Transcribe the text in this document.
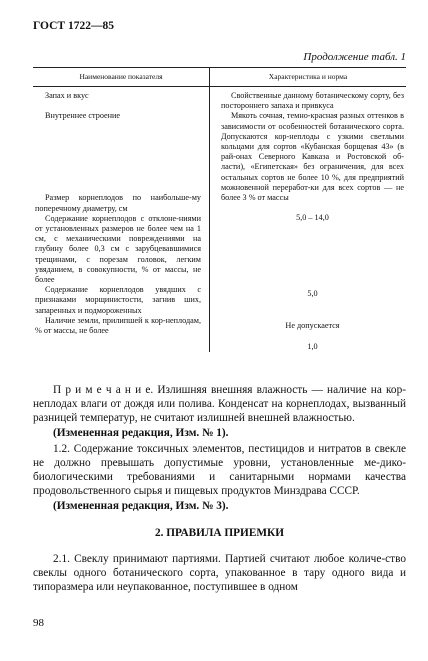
ГОСТ 1722—85
Продолжение табл. 1
Наименование показателя	Характеристика и норма

Запах и вкус

Внутреннее строение

Размер корнеплодов по наибольше-му поперечному диаметру, см

Содержание корнеплодов с отклоне-ниями от установленных размеров не более чем на 1 см, с механическими повреждениями на глубину более 0,3 см с зарубцевавшимися трещинами, с порезам головок, легким увяданием, в совокупности, % от массы, не более

Содержание корнеплодов увядших с признаками морщинистости, загнив ших, запаренных и подмороженных

Наличие земли, прилипшей к кор-неплодам, % от массы, не более

Свойственные данному ботаническому сорту, без постороннего запаха и привкуса

Мякоть сочная, темно-красная разных оттенков в зависимости от особенностей ботанического сорта. Допускаются кор-неплоды с узкими светлыми кольцами для сортов «Кубанская борщевая 43» (в рай-онах Северного Кавказа и Ростовской об-ласти), «Египетская» без ограничения, для всех остальных сортов не более 10 %, для предприятий можновенной переработ-ки для всех сортов — не более 3 % от массы

5,0 – 14,0

5,0

Не допускается

1,0

П р и м е ч а н и е. Излишняя внешняя влажность — наличие на кор-неплодах влаги от дождя или полива. Конденсат на корнеплодах, вызванный разницей температур, не считают излишней внешней влажностью.

(Измененная редакция, Изм. № 1).

1.2. Содержание токсичных элементов, пестицидов и нитратов в свекле не должно превышать допустимые уровни, установленные ме-дико-биологическими требованиями и санитарными нормами качества продовольственного сырья и пищевых продуктов Минздрава СССР.

(Измененная редакция, Изм. № 3).

2. ПРАВИЛА ПРИЕМКИ

2.1. Свеклу принимают партиями. Партией считают любое количе-ство свеклы одного ботанического сорта, упакованное в тару одного вида и типоразмера или неупакованное, поступившее в одном

98
